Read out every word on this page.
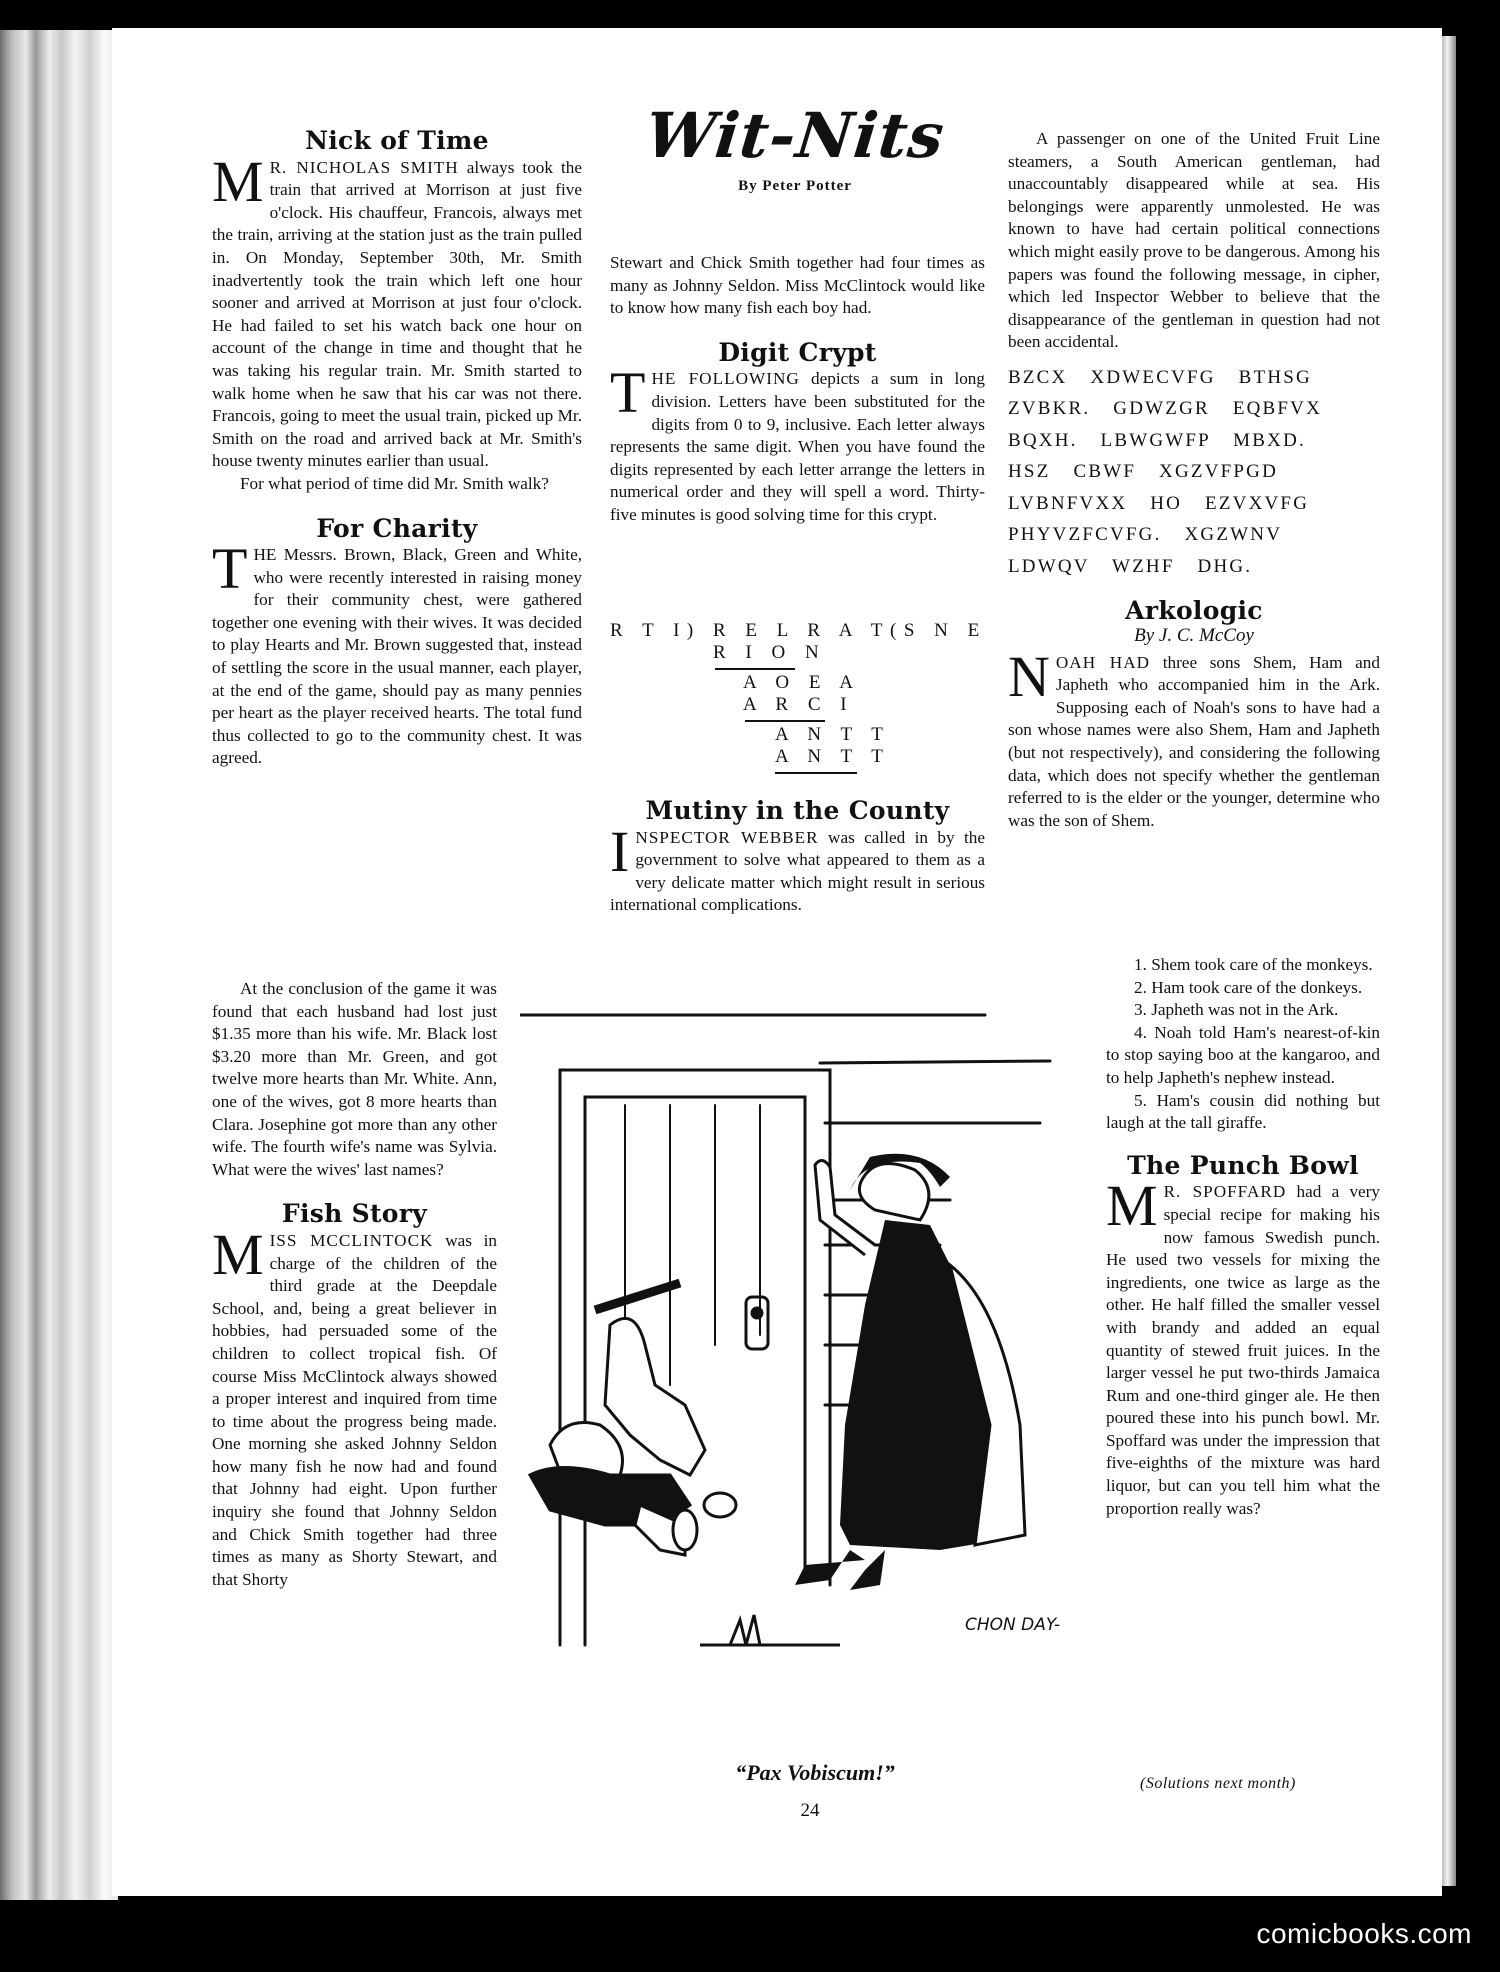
Nick of Time

M R. NICHOLAS SMITH always took the train that arrived at Morrison at just five o'clock. His chauffeur, Francois, always met the train, arriving at the station just as the train pulled in. On Monday, September 30th, Mr. Smith inadvertently took the train which left one hour sooner and arrived at Morrison at just four o'clock. He had failed to set his watch back one hour on account of the change in time and thought that he was taking his regular train. Mr. Smith started to walk home when he saw that his car was not there. Francois, going to meet the usual train, picked up Mr. Smith on the road and arrived back at Mr. Smith's house twenty minutes earlier than usual.

For what period of time did Mr. Smith walk?

For Charity

THE Messrs. Brown, Black, Green and White, who were recently interested in raising money for their community chest, were gathered together one evening with their wives. It was decided to play Hearts and Mr. Brown suggested that, instead of settling the score in the usual manner, each player, at the end of the game, should pay as many pennies per heart as the player received hearts. The total fund thus collected to go to the community chest. It was agreed.

At the conclusion of the game it was found that each husband had lost just $1.35 more than his wife. Mr. Black lost $3.20 more than Mr. Green, and got twelve more hearts than Mr. White. Ann, one of the wives, got 8 more hearts than Clara. Josephine got more than any other wife. The fourth wife's name was Sylvia. What were the wives' last names?

Fish Story

MISS MCCLINTOCK was in charge of the children of the third grade at the Deepdale School, and, being a great believer in hobbies, had persuaded some of the children to collect tropical fish. Of course Miss McClintock always showed a proper interest and inquired from time to time about the progress being made. One morning she asked Johnny Seldon how many fish he now had and found that Johnny had eight. Upon further inquiry she found that Johnny Seldon and Chick Smith together had three times as many as Shorty Stewart, and that Shorty

Wit-Nits
By Peter Potter

Stewart and Chick Smith together had four times as many as Johnny Seldon. Miss McClintock would like to know how many fish each boy had.

Digit Crypt

THE FOLLOWING depicts a sum in long division. Letters have been substituted for the digits from 0 to 9, inclusive. Each letter always represents the same digit. When you have found the digits represented by each letter arrange the letters in numerical order and they will spell a word. Thirty-five minutes is good solving time for this crypt.

R T I) R E L R A T(S N E
R I O N
A O E A
A R C I
A N T T
A N T T
Mutiny in the County

INSPECTOR WEBBER was called in by the government to solve what appeared to them as a very delicate matter which might result in serious international complications.

A passenger on one of the United Fruit Line steamers, a South American gentleman, had unaccountably disappeared while at sea. His belongings were apparently unmolested. He was known to have had certain political connections which might easily prove to be dangerous. Among his papers was found the following message, in cipher, which led Inspector Webber to believe that the disappearance of the gentleman in question had not been accidental.

BZCX XDWECVFG BTHSG
ZVBKR. GDWZGR EQBFVX
BQXH. LBWGWFP MBXD.
HSZ CBWF XGZVFPGD
LVBNFVXX HO EZVXVFG
PHYVZFCVFG. XGZWNV
LDWQV WZHF DHG.
Arkologic
By J. C. McCoy

NOAH HAD three sons Shem, Ham and Japheth who accompanied him in the Ark. Supposing each of Noah's sons to have had a son whose names were also Shem, Ham and Japheth (but not respectively), and considering the following data, which does not specify whether the gentleman referred to is the elder or the younger, determine who was the son of Shem.

1. Shem took care of the monkeys.

2. Ham took care of the donkeys.

3. Japheth was not in the Ark.

4. Noah told Ham's nearest-of-kin to stop saying boo at the kangaroo, and to help Japheth's nephew instead.

5. Ham's cousin did nothing but laugh at the tall giraffe.

The Punch Bowl

M R. SPOFFARD had a very special recipe for making his now famous Swedish punch. He used two vessels for mixing the ingredients, one twice as large as the other. He half filled the smaller vessel with brandy and added an equal quantity of stewed fruit juices. In the larger vessel he put two-thirds Jamaica Rum and one-third ginger ale. He then poured these into his punch bowl. Mr. Spoffard was under the impression that five-eighths of the mixture was hard liquor, but can you tell him what the proportion really was?

(Solutions next month)
CHON DAY-
“Pax Vobiscum!”
24
comicbooks.com
